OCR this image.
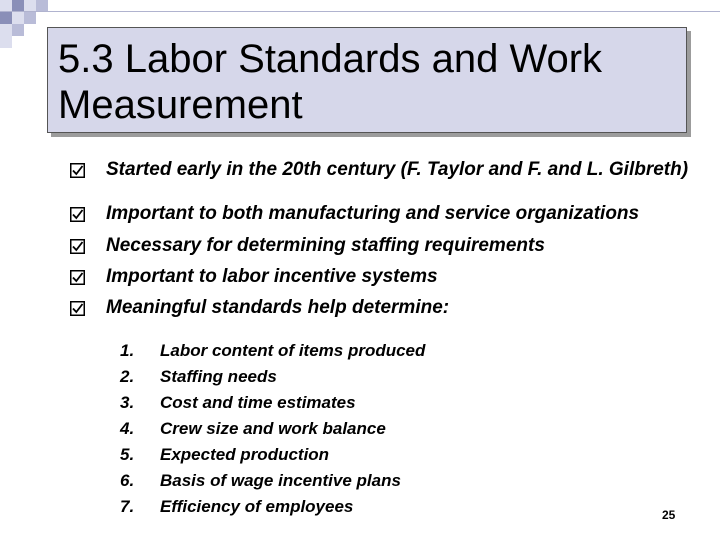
5.3 Labor Standards and Work Measurement
Started early in the 20th century (F. Taylor and F. and L. Gilbreth)
Important to both manufacturing and service organizations
Necessary for determining staffing requirements
Important to labor incentive systems
Meaningful standards help determine:
1.	Labor content of items produced
2.	Staffing needs
3.	Cost and time estimates
4.	Crew size and work balance
5.	Expected production
6.	Basis of wage incentive plans
7.	Efficiency of employees	25
